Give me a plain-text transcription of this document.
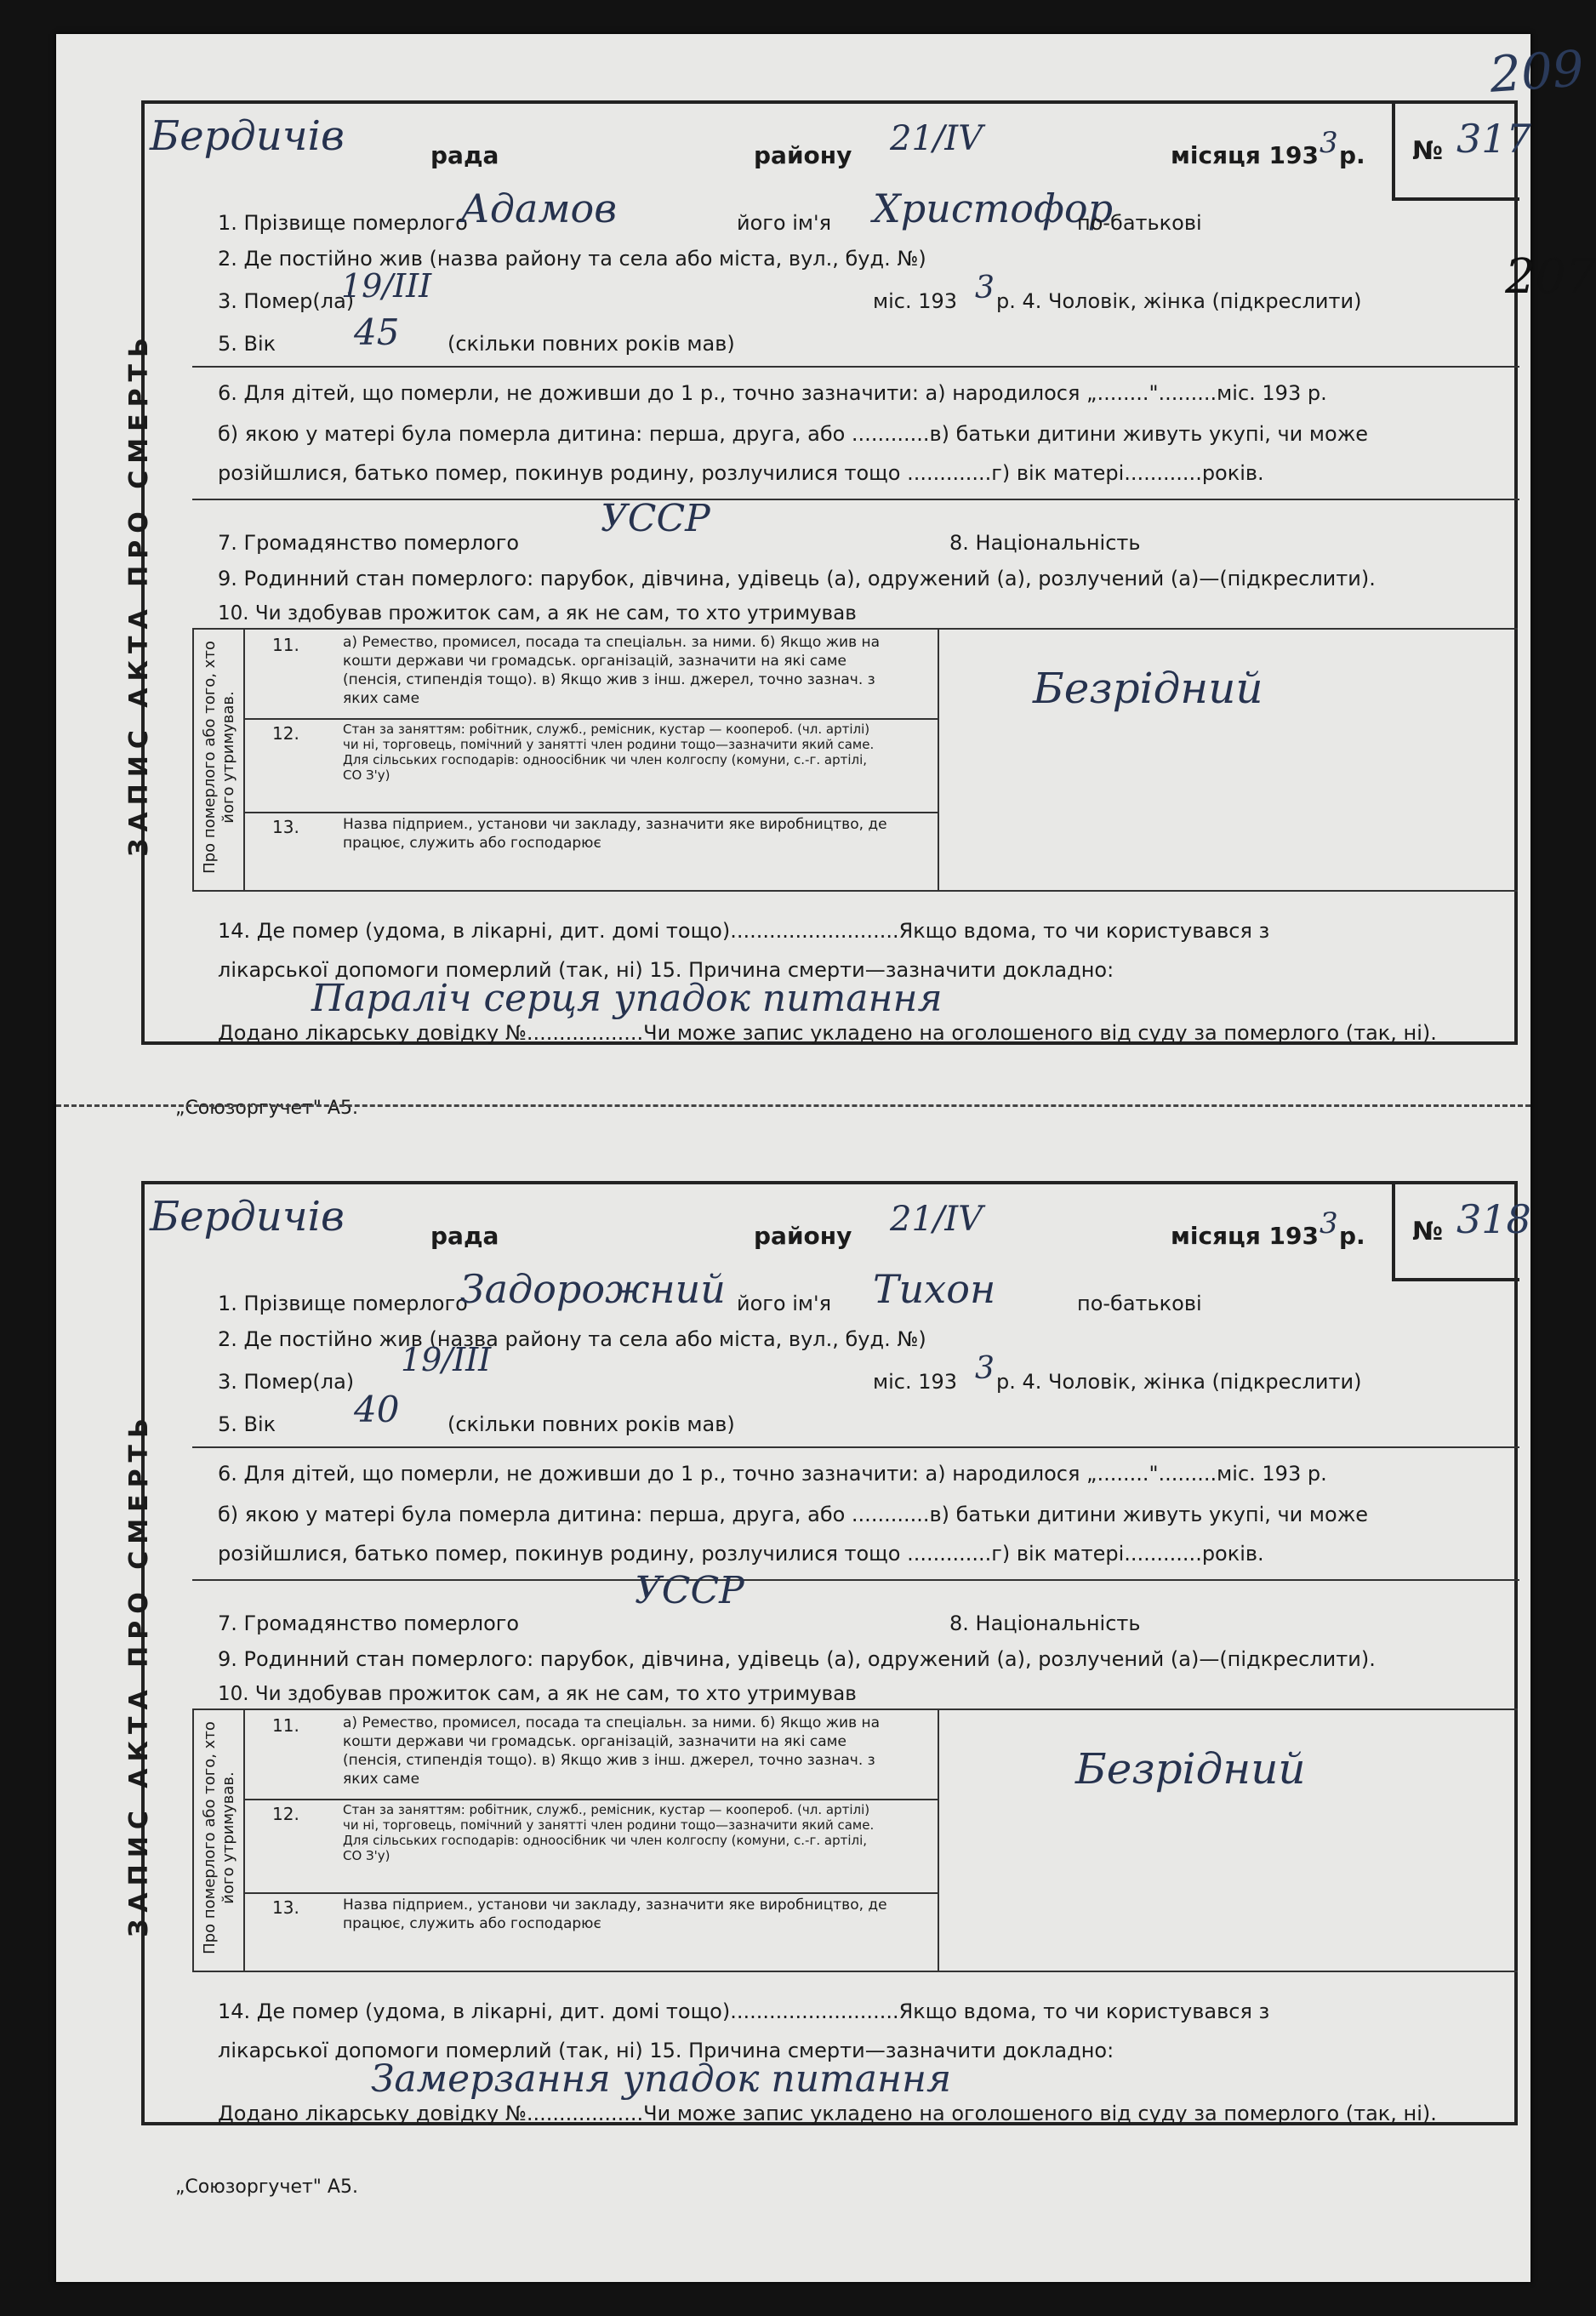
209
ЗАПИС АКТА ПРО СМЕРТЬ
№ 317
207
Бердичів	рада	району 21/IV	місяця 193 3 р.
1. Прізвище померлого
Адамов	його ім'я Христофор
по-батькові
2. Де постійно жив (назва району та села або міста, вул., буд. №)
3. Помер(ла)
19/III	міс. 193 3 р. 4. Чоловік, жінка (підкреслити)
5. Вік 45 (скільки повних років мав)
6. Для дітей, що померли, не доживши до 1 р., точно зазначити: а) народилося „........".........міс. 193 р.
б) якою у матері була померла дитина: перша, друга, або ............в) батьки дитини живуть укупі, чи може
розійшлися, батько помер, покинув родину, розлучилися тощо .............г) вік матері............років.
УССР
7. Громадянство померлого	8. Національність
9. Родинний стан померлого: парубок, дівчина, удівець (а), одружений (а), розлучений (а)—(підкреслити).
10. Чи здобував прожиток сам, а як не сам, то хто утримував
Про померлого або того, хто його утримував.
11.	а) Ремество, промисел, посада та спеціальн. за ними. б) Якщо жив на кошти держави чи громадськ. організацій, зазначити на які саме (пенсія, стипендія тощо). в) Якщо жив з інш. джерел, точно зазнач. з яких саме
12.	Стан за заняттям: робітник, служб., ремісник, кустар — коопероб. (чл. артілі) чи ні, торговець, помічний у занятті член родини тощо—зазначити який саме. Для сільських господарів: одноосібник чи член колгоспу (комуни, с.-г. артілі, СО З'у)
13.	Назва підприем., установи чи закладу, зазначити яке виробництво, де працює, служить або господарює
Безрідний
14. Де помер (удома, в лікарні, дит. домі тощо)..........................Якщо вдома, то чи користувався з
лікарської допомоги померлий (так, ні) 15. Причина смерти—зазначити докладно:
Параліч серця упадок питання
Додано лікарську довідку №..................Чи може запис укладено на оголошеного від суду за померлого (так, ні).
„Союзоргучет" А5.
ЗАПИС АКТА ПРО СМЕРТЬ
№ 318
Бердичів	рада	району 21/IV	місяця 193 3 р.
1. Прізвище померлого
Задорожний його ім'я Тихон	по-батькові
2. Де постійно жив (назва району та села або міста, вул., буд. №)
3. Помер(ла)
19/III
міс. 193 3 р. 4. Чоловік, жінка (підкреслити)
5. Вік 40 (скільки повних років мав)
6. Для дітей, що померли, не доживши до 1 р., точно зазначити: а) народилося „........".........міс. 193 р.
б) якою у матері була померла дитина: перша, друга, або ............в) батьки дитини живуть укупі, чи може
розійшлися, батько помер, покинув родину, розлучилися тощо .............г) вік матері............років.
УССР
7. Громадянство померлого	8. Національність
9. Родинний стан померлого: парубок, дівчина, удівець (а), одружений (а), розлучений (а)—(підкреслити).
10. Чи здобував прожиток сам, а як не сам, то хто утримував
Про померлого або того, хто його утримував.
11.	а) Ремество, промисел, посада та спеціальн. за ними. б) Якщо жив на кошти держави чи громадськ. організацій, зазначити на які саме (пенсія, стипендія тощо). в) Якщо жив з інш. джерел, точно зазнач. з яких саме
12.	Стан за заняттям: робітник, служб., ремісник, кустар — коопероб. (чл. артілі) чи ні, торговець, помічний у занятті член родини тощо—зазначити який саме. Для сільських господарів: одноосібник чи член колгоспу (комуни, с.-г. артілі, СО З'у)
13.	Назва підприем., установи чи закладу, зазначити яке виробництво, де працює, служить або господарює
Безрідний
14. Де помер (удома, в лікарні, дит. домі тощо)..........................Якщо вдома, то чи користувався з
лікарської допомоги померлий (так, ні) 15. Причина смерти—зазначити докладно:
Замерзання упадок питання
Додано лікарську довідку №..................Чи може запис укладено на оголошеного від суду за померлого (так, ні).
„Союзоргучет" А5.
